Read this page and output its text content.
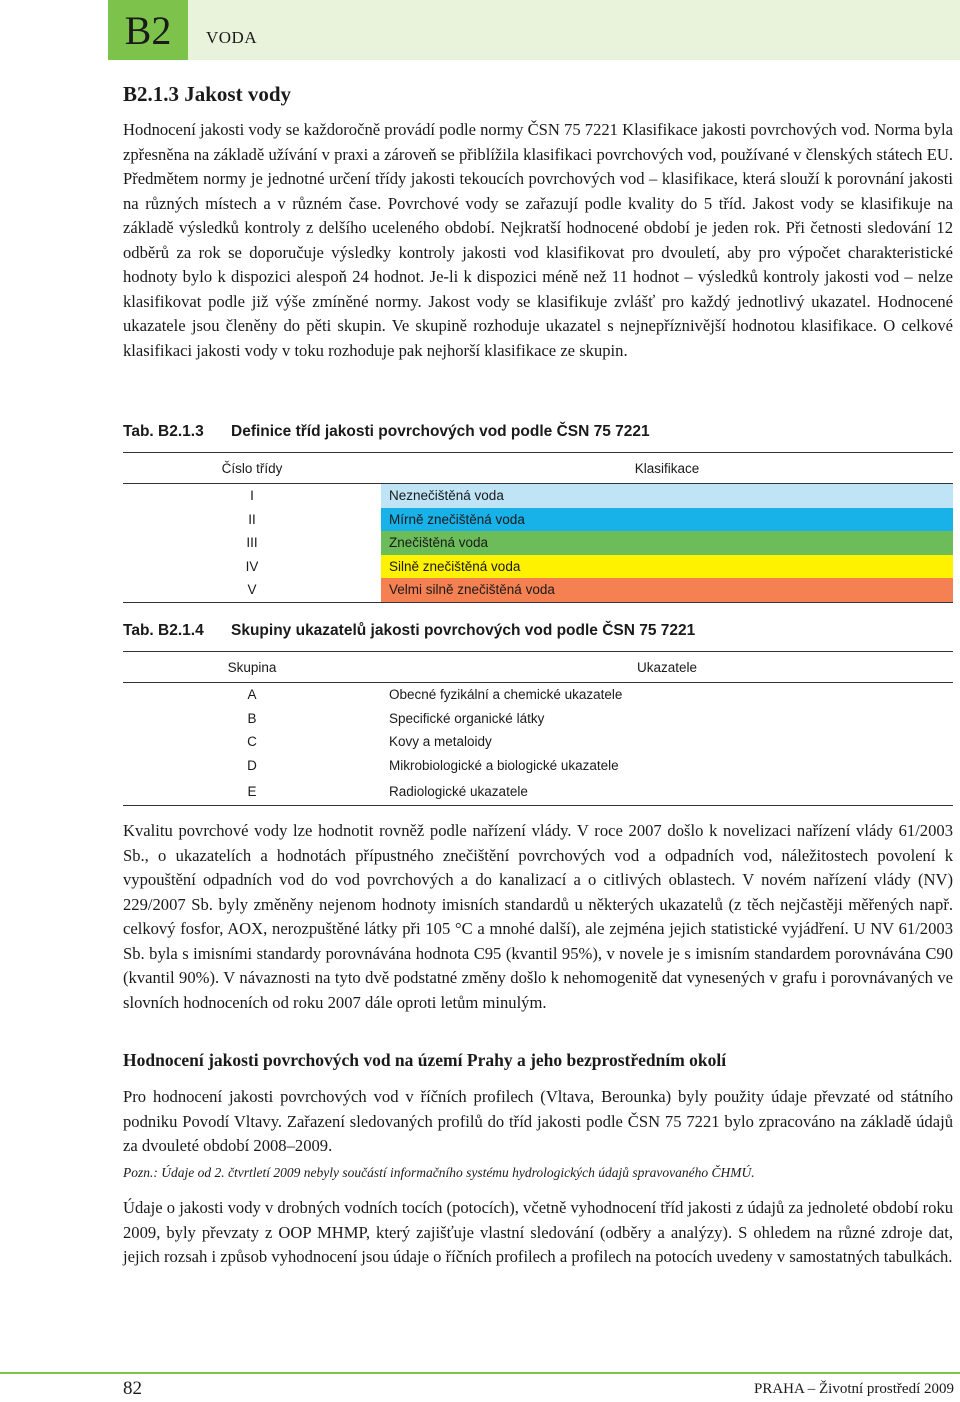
B2	VODA
B2.1.3 Jakost vody

Hodnocení jakosti vody se každoročně provádí podle normy ČSN 75 7221 Klasifikace jakosti povrchových vod. Norma byla zpřesněna na základě užívání v praxi a zároveň se přiblížila klasifikaci povrchových vod, používané v členských státech EU. Předmětem normy je jednotné určení třídy jakosti tekoucích povrchových vod – klasifikace, která slouží k porovnání jakosti na různých místech a v různém čase. Povrchové vody se zařazují podle kvality do 5 tříd. Jakost vody se klasifikuje na základě výsledků kontroly z delšího uceleného období. Nejkratší hodnocené období je jeden rok. Při četnosti sledování 12 odběrů za rok se doporučuje výsledky kontroly jakosti vod klasifikovat pro dvouletí, aby pro výpočet charakteristické hodnoty bylo k dispozici alespoň 24 hodnot. Je-li k dispozici méně než 11 hodnot – výsledků kontroly jakosti vod – nelze klasifikovat podle již výše zmíněné normy. Jakost vody se klasifikuje zvlášť pro každý jednotlivý ukazatel. Hodnocené ukazatele jsou členěny do pěti skupin. Ve skupině rozhoduje ukazatel s nejnepříznivější hodnotou klasifikace. O celkové klasifikaci jakosti vody v toku rozhoduje pak nejhorší klasifikace ze skupin.

Tab. B2.1.3 Definice tříd jakosti povrchových vod podle ČSN 75 7221
Číslo třídy	Klasifikace
I	Neznečištěná voda
II	Mírně znečištěná voda
III	Znečištěná voda
IV	Silně znečištěná voda
V	Velmi silně znečištěná voda
Tab. B2.1.4 Skupiny ukazatelů jakosti povrchových vod podle ČSN 75 7221
Skupina	Ukazatele
A	Obecné fyzikální a chemické ukazatele
B	Specifické organické látky
C	Kovy a metaloidy
D	Mikrobiologické a biologické ukazatele
E	Radiologické ukazatele

Kvalitu povrchové vody lze hodnotit rovněž podle nařízení vlády. V roce 2007 došlo k novelizaci nařízení vlády 61/2003 Sb., o ukazatelích a hodnotách přípustného znečištění povrchových vod a odpadních vod, náležitostech povolení k vypouštění odpadních vod do vod povrchových a do kanalizací a o citlivých oblastech. V novém nařízení vlády (NV) 229/2007 Sb. byly změněny nejenom hodnoty imisních standardů u některých ukazatelů (z těch nejčastěji měřených např. celkový fosfor, AOX, nerozpuštěné látky při 105 °C a mnohé další), ale zejména jejich statistické vyjádření. U NV 61/2003 Sb. byla s imisními standardy porovnávána hodnota C95 (kvantil 95%), v novele je s imisním standardem porovnávána C90 (kvantil 90%). V návaznosti na tyto dvě podstatné změny došlo k nehomogenitě dat vynesených v grafu i porovnávaných ve slovních hodnoceních od roku 2007 dále oproti letům minulým.

Hodnocení jakosti povrchových vod na území Prahy a jeho bezprostředním okolí

Pro hodnocení jakosti povrchových vod v říčních profilech (Vltava, Berounka) byly použity údaje převzaté od státního podniku Povodí Vltavy. Zařazení sledovaných profilů do tříd jakosti podle ČSN 75 7221 bylo zpracováno na základě údajů za dvouleté období 2008–2009.

Pozn.: Údaje od 2. čtvrtletí 2009 nebyly součástí informačního systému hydrologických údajů spravovaného ČHMÚ.

Údaje o jakosti vody v drobných vodních tocích (potocích), včetně vyhodnocení tříd jakosti z údajů za jednoleté období roku 2009, byly převzaty z OOP MHMP, který zajišťuje vlastní sledování (odběry a analýzy). S ohledem na různé zdroje dat, jejich rozsah i způsob vyhodnocení jsou údaje o říčních profilech a profilech na potocích uvedeny v samostatných tabulkách.

82	PRAHA – Životní prostředí 2009
